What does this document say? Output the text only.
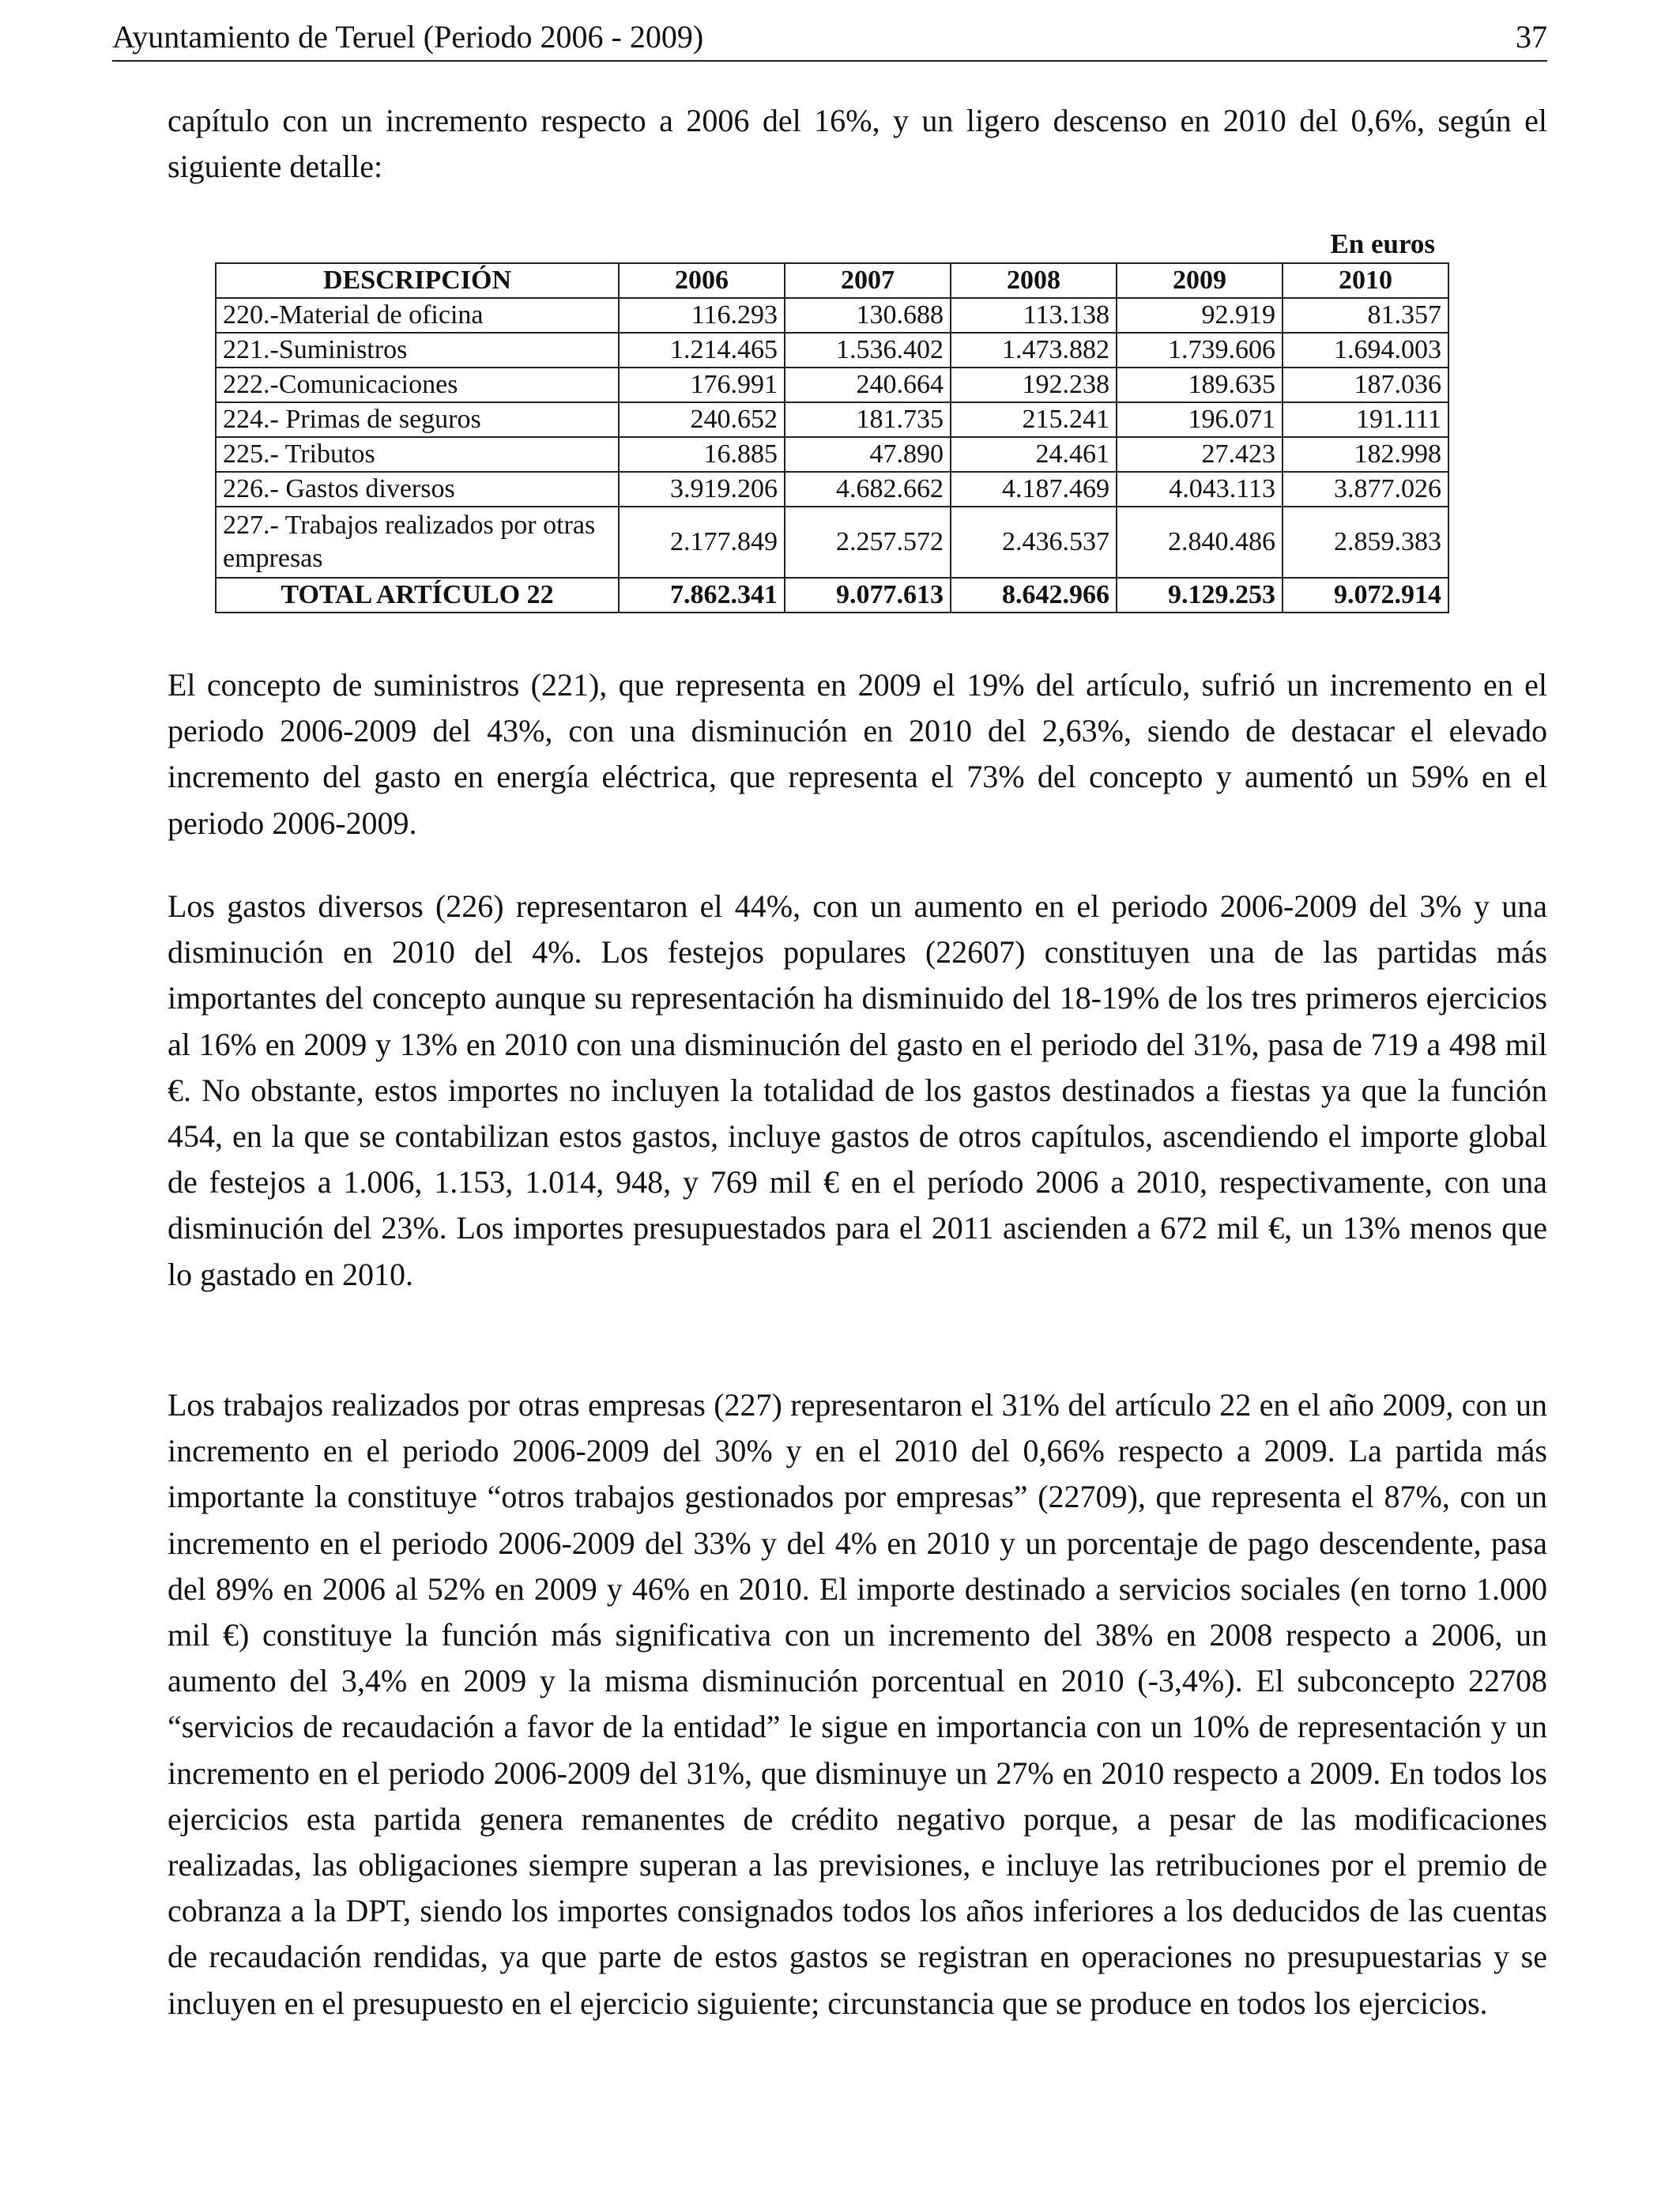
Ayuntamiento de Teruel (Periodo 2006 - 2009)	37

capítulo con un incremento respecto a 2006 del 16%, y un ligero descenso en 2010 del 0,6%, según el siguiente detalle:

En euros
DESCRIPCIÓN	2006	2007	2008	2009	2010
220.-Material de oficina	116.293	130.688	113.138	92.919	81.357
221.-Suministros	1.214.465	1.536.402	1.473.882	1.739.606	1.694.003
222.-Comunicaciones	176.991	240.664	192.238	189.635	187.036
224.- Primas de seguros	240.652	181.735	215.241	196.071	191.111
225.- Tributos	16.885	47.890	24.461	27.423	182.998
226.- Gastos diversos	3.919.206	4.682.662	4.187.469	4.043.113	3.877.026
227.- Trabajos realizados por otras empresas	2.177.849	2.257.572	2.436.537	2.840.486	2.859.383
TOTAL ARTÍCULO 22	7.862.341	9.077.613	8.642.966	9.129.253	9.072.914

El concepto de suministros (221), que representa en 2009 el 19% del artículo, sufrió un incremento en el periodo 2006-2009 del 43%, con una disminución en 2010 del 2,63%, siendo de destacar el elevado incremento del gasto en energía eléctrica, que representa el 73% del concepto y aumentó un 59% en el periodo 2006-2009.

Los gastos diversos (226) representaron el 44%, con un aumento en el periodo 2006-2009 del 3% y una disminución en 2010 del 4%. Los festejos populares (22607) constituyen una de las partidas más importantes del concepto aunque su representación ha disminuido del 18-19% de los tres primeros ejercicios al 16% en 2009 y 13% en 2010 con una disminución del gasto en el periodo del 31%, pasa de 719 a 498 mil €. No obstante, estos importes no incluyen la totalidad de los gastos destinados a fiestas ya que la función 454, en la que se contabilizan estos gastos, incluye gastos de otros capítulos, ascendiendo el importe global de festejos a 1.006, 1.153, 1.014, 948, y 769 mil € en el período 2006 a 2010, respectivamente, con una disminución del 23%. Los importes presupuestados para el 2011 ascienden a 672 mil €, un 13% menos que lo gastado en 2010.

Los trabajos realizados por otras empresas (227) representaron el 31% del artículo 22 en el año 2009, con un incremento en el periodo 2006-2009 del 30% y en el 2010 del 0,66% respecto a 2009. La partida más importante la constituye “otros trabajos gestionados por empresas” (22709), que representa el 87%, con un incremento en el periodo 2006-2009 del 33% y del 4% en 2010 y un porcentaje de pago descendente, pasa del 89% en 2006 al 52% en 2009 y 46% en 2010. El importe destinado a servicios sociales (en torno 1.000 mil €) constituye la función más significativa con un incremento del 38% en 2008 respecto a 2006, un aumento del 3,4% en 2009 y la misma disminución porcentual en 2010 (-3,4%). El subconcepto 22708 “servicios de recaudación a favor de la entidad” le sigue en importancia con un 10% de representación y un incremento en el periodo 2006-2009 del 31%, que disminuye un 27% en 2010 respecto a 2009. En todos los ejercicios esta partida genera remanentes de crédito negativo porque, a pesar de las modificaciones realizadas, las obligaciones siempre superan a las previsiones, e incluye las retribuciones por el premio de cobranza a la DPT, siendo los importes consignados todos los años inferiores a los deducidos de las cuentas de recaudación rendidas, ya que parte de estos gastos se registran en operaciones no presupuestarias y se incluyen en el presupuesto en el ejercicio siguiente; circunstancia que se produce en todos los ejercicios.
